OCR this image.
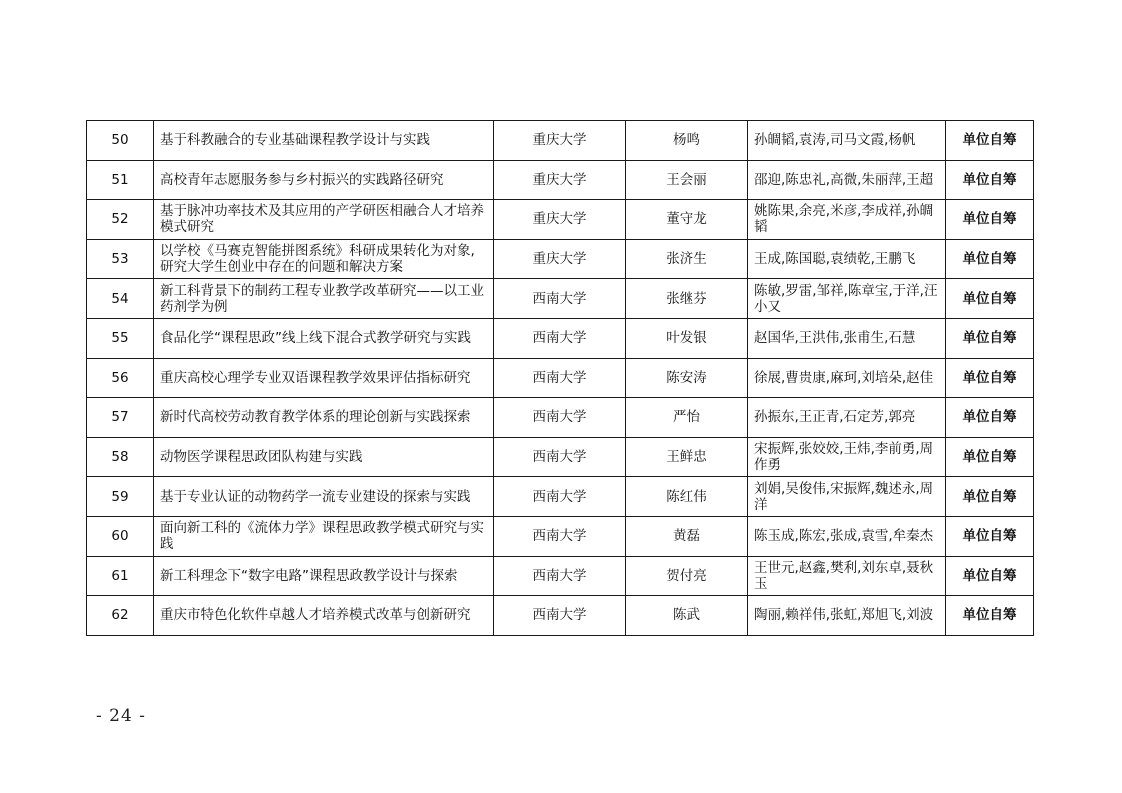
50	基于科教融合的专业基础课程教学设计与实践	重庆大学	杨鸣	孙皗韬,袁涛,司马文霞,杨帆	单位自筹
51	高校青年志愿服务参与乡村振兴的实践路径研究	重庆大学	王会丽	邵迎,陈忠礼,高微,朱丽萍,王超	单位自筹
52	基于脉冲功率技术及其应用的产学研医相融合人才培养模式研究	重庆大学	董守龙	姚陈果,余亮,米彦,李成祥,孙皗韬	单位自筹
53	以学校《马赛克智能拼图系统》科研成果转化为对象,研究大学生创业中存在的问题和解决方案	重庆大学	张济生	王成,陈国聪,袁绩乾,王鹏飞	单位自筹
54	新工科背景下的制药工程专业教学改革研究——以工业药剂学为例	西南大学	张继芬	陈敏,罗雷,邹祥,陈章宝,于洋,汪小又	单位自筹
55	食品化学“课程思政”线上线下混合式教学研究与实践	西南大学	叶发银	赵国华,王洪伟,张甫生,石慧	单位自筹
56	重庆高校心理学专业双语课程教学效果评估指标研究	西南大学	陈安涛	徐展,曹贵康,麻珂,刘培朵,赵佳	单位自筹
57	新时代高校劳动教育教学体系的理论创新与实践探索	西南大学	严怡	孙振东,王正青,石定芳,郭亮	单位自筹
58	动物医学课程思政团队构建与实践	西南大学	王鲜忠	宋振辉,张姣姣,王炜,李前勇,周作勇	单位自筹
59	基于专业认证的动物药学一流专业建设的探索与实践	西南大学	陈红伟	刘娟,吴俊伟,宋振辉,魏述永,周洋	单位自筹
60	面向新工科的《流体力学》课程思政教学模式研究与实践	西南大学	黄磊	陈玉成,陈宏,张成,袁雪,牟秦杰	单位自筹
61	新工科理念下“数字电路”课程思政教学设计与探索	西南大学	贺付亮	王世元,赵鑫,樊利,刘东卓,聂秋玉	单位自筹
62	重庆市特色化软件卓越人才培养模式改革与创新研究	西南大学	陈武	陶丽,赖祥伟,张虹,郑旭飞,刘波	单位自筹
- 24 -
